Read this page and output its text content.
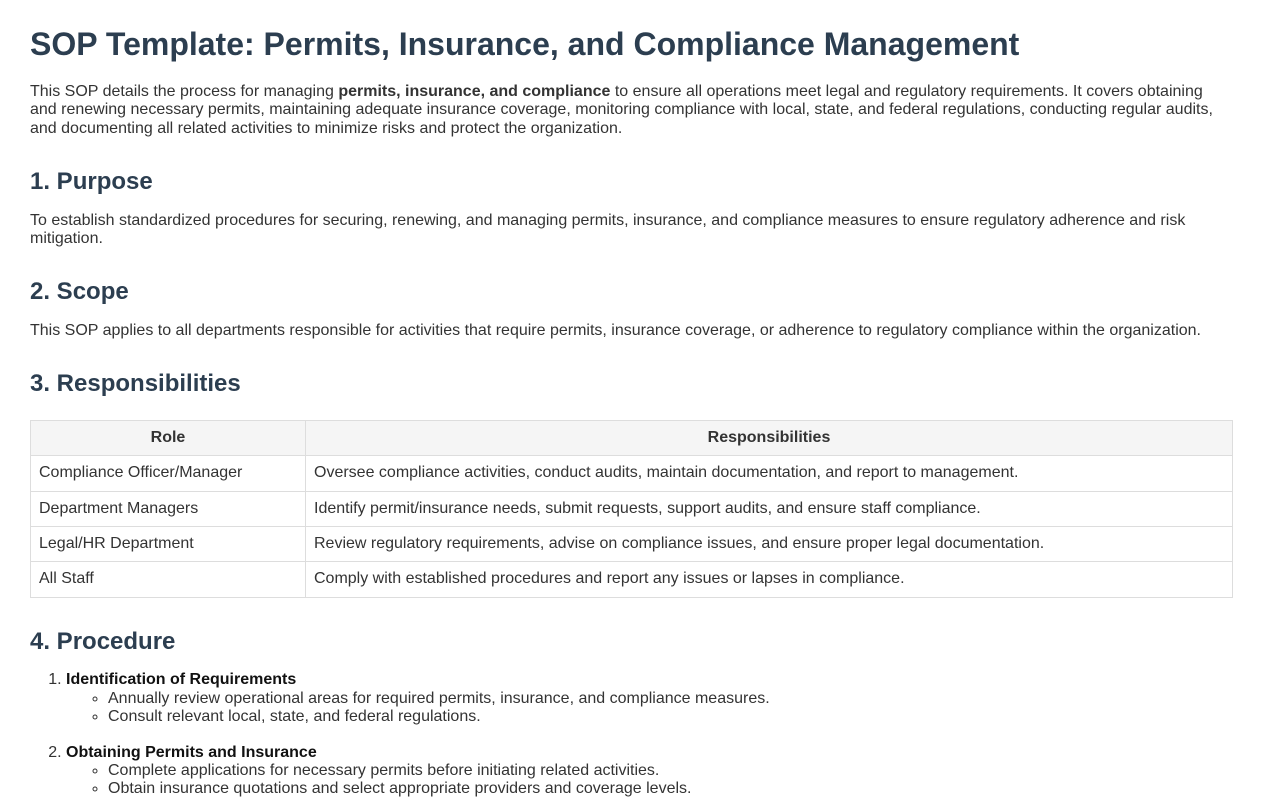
SOP Template: Permits, Insurance, and Compliance Management

This SOP details the process for managing permits, insurance, and compliance to ensure all operations meet legal and regulatory requirements. It covers obtaining and renewing necessary permits, maintaining adequate insurance coverage, monitoring compliance with local, state, and federal regulations, conducting regular audits, and documenting all related activities to minimize risks and protect the organization.

1. Purpose

To establish standardized procedures for securing, renewing, and managing permits, insurance, and compliance measures to ensure regulatory adherence and risk mitigation.

2. Scope

This SOP applies to all departments responsible for activities that require permits, insurance coverage, or adherence to regulatory compliance within the organization.

3. Responsibilities
Role	Responsibilities
Compliance Officer/Manager	Oversee compliance activities, conduct audits, maintain documentation, and report to management.
Department Managers	Identify permit/insurance needs, submit requests, support audits, and ensure staff compliance.
Legal/HR Department	Review regulatory requirements, advise on compliance issues, and ensure proper legal documentation.
All Staff	Comply with established procedures and report any issues or lapses in compliance.
4. Procedure
1. Identification of Requirements
◦ Annually review operational areas for required permits, insurance, and compliance measures.
◦ Consult relevant local, state, and federal regulations.
2. Obtaining Permits and Insurance
◦ Complete applications for necessary permits before initiating related activities.
◦ Obtain insurance quotations and select appropriate providers and coverage levels.
